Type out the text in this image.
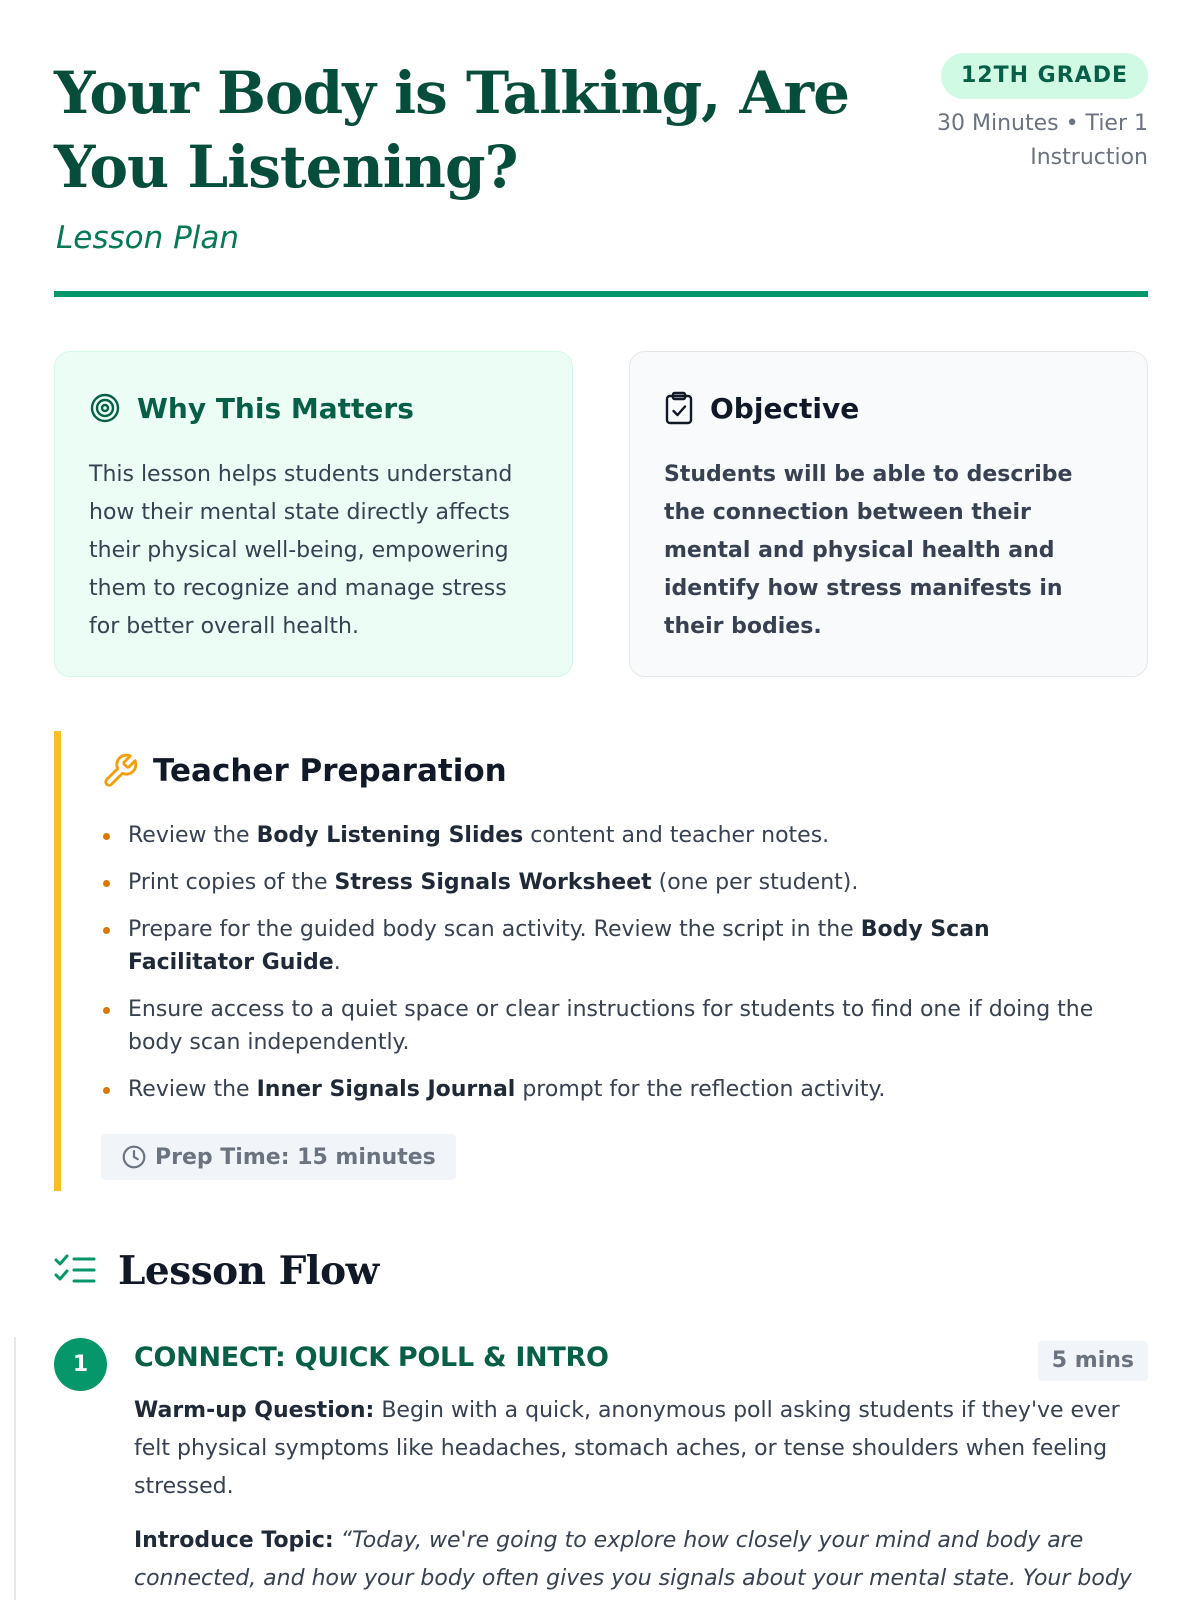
Your Body is Talking, Are You Listening?
Lesson Plan
12TH GRADE
30 Minutes • Tier 1 Instruction
Why This Matters

This lesson helps students understand how their mental state directly affects their physical well-being, empowering them to recognize and manage stress for better overall health.

Objective

Students will be able to describe the connection between their mental and physical health and identify how stress manifests in their bodies.

Teacher Preparation
Review the Body Listening Slides content and teacher notes.
Print copies of the Stress Signals Worksheet (one per student).
Prepare for the guided body scan activity. Review the script in the Body Scan Facilitator Guide.
Ensure access to a quiet space or clear instructions for students to find one if doing the body scan independently.
Review the Inner Signals Journal prompt for the reflection activity.
Prep Time: 15 minutes
Lesson Flow
1	CONNECT: QUICK POLL & INTRO	5 mins

Warm-up Question: Begin with a quick, anonymous poll asking students if they've ever felt physical symptoms like headaches, stomach aches, or tense shoulders when feeling stressed.

Introduce Topic: “Today, we're going to explore how closely your mind and body are connected, and how your body often gives you signals about your mental state. Your body
